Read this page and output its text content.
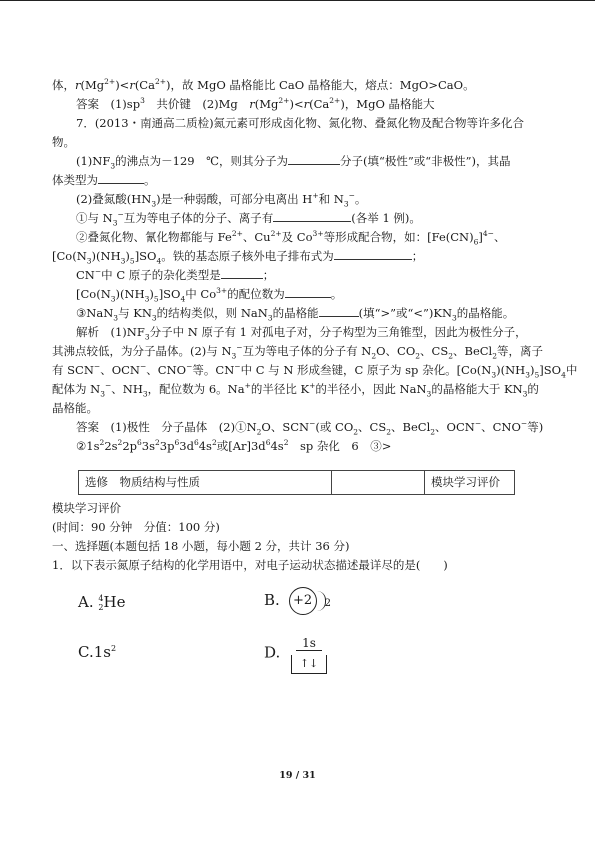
体，$r(Mg^{2+})<r(Ca^{2+})$，故 MgO 晶格能比 CaO 晶格能大，熔点：MgO>CaO。
答案　$(1)sp^3$　共价键　(2)Mg　$r(Mg^{2+})<r(Ca^{2+})$，MgO 晶格能大
7．(2013・南通高二质检)氮元素可形成卤化物、氮化物、叠氮化物及配合物等许多化合
物。
$(1)NF_3$的沸点为－129　℃，则其分子为	分子(填“极性”或“非极性”)，其晶
体类型为	。
(2)叠氮酸$(HN_3)$是一种弱酸，可部分电离出 H+和 $N_3^-$。
①与 $N_3^-$互为等电子体的分子、离子有	(各举 1 例)。
②叠氮化物、氰化物都能与 $Fe^{2+}$、$Cu^{2+}$及 $Co^{3+}$等形成配合物，如：$[Fe(CN)_6]^{4-}$、
$[Co(N_3)(NH_3)_5]SO_4$。铁的基态原子核外电子排布式为	；
CN−中 C 原子的杂化类型是	；
$[Co(N_3)(NH_3)_5]SO_4$中 $Co^{3+}$的配位数为	。
③NaN$_3$与 $KN_3$的结构类似，则 NaN$_3$的晶格能	(填“>”或“$<”)KN_3$的晶格能。
解析　$(1)NF_3$分子中 N 原子有 1 对孤电子对，分子构型为三角锥型，因此为极性分子，
其沸点较低，为分子晶体。(2)与 $N_3^-$互为等电子体的分子有 $N_2O$、$CO_2$、$CS_2$、BeCl$_2$等，离子
有 SCN−、OCN−、CNO−等。CN−中 C 与 N 形成叁键，C 原子为 sp 杂化。$[Co(N_3)(NH_3)_5]SO_4$中
配体为 $N_3^-$、$NH_3$，配位数为 6。Na+的半径比 K+的半径小，因此 NaN$_3$的晶格能大于 $KN_3$的
晶格能。
答案　(1)极性　分子晶体　$(2)①N_2O$、SCN−(或 $CO_2$、$CS_2$、BeCl$_2$、OCN−、CNO−等)
$②1s^22s^22p^63s^23p^63d^64s^2$或$[Ar]3d^64s^2$　sp 杂化　6　③>
选修　物质结构与性质		模块学习评价
模块学习评价
(时间：90 分钟　分值：100 分)
一、选择题(本题包括 18 小题，每小题 2 分，共计 36 分)
1．以下表示氮原子结构的化学用语中，对电子运动状态描述最详尽的是(　　)
A. 4
2He	B. +2 2
$C.1s^2$	D. 1s
↑↓
19 / 31
